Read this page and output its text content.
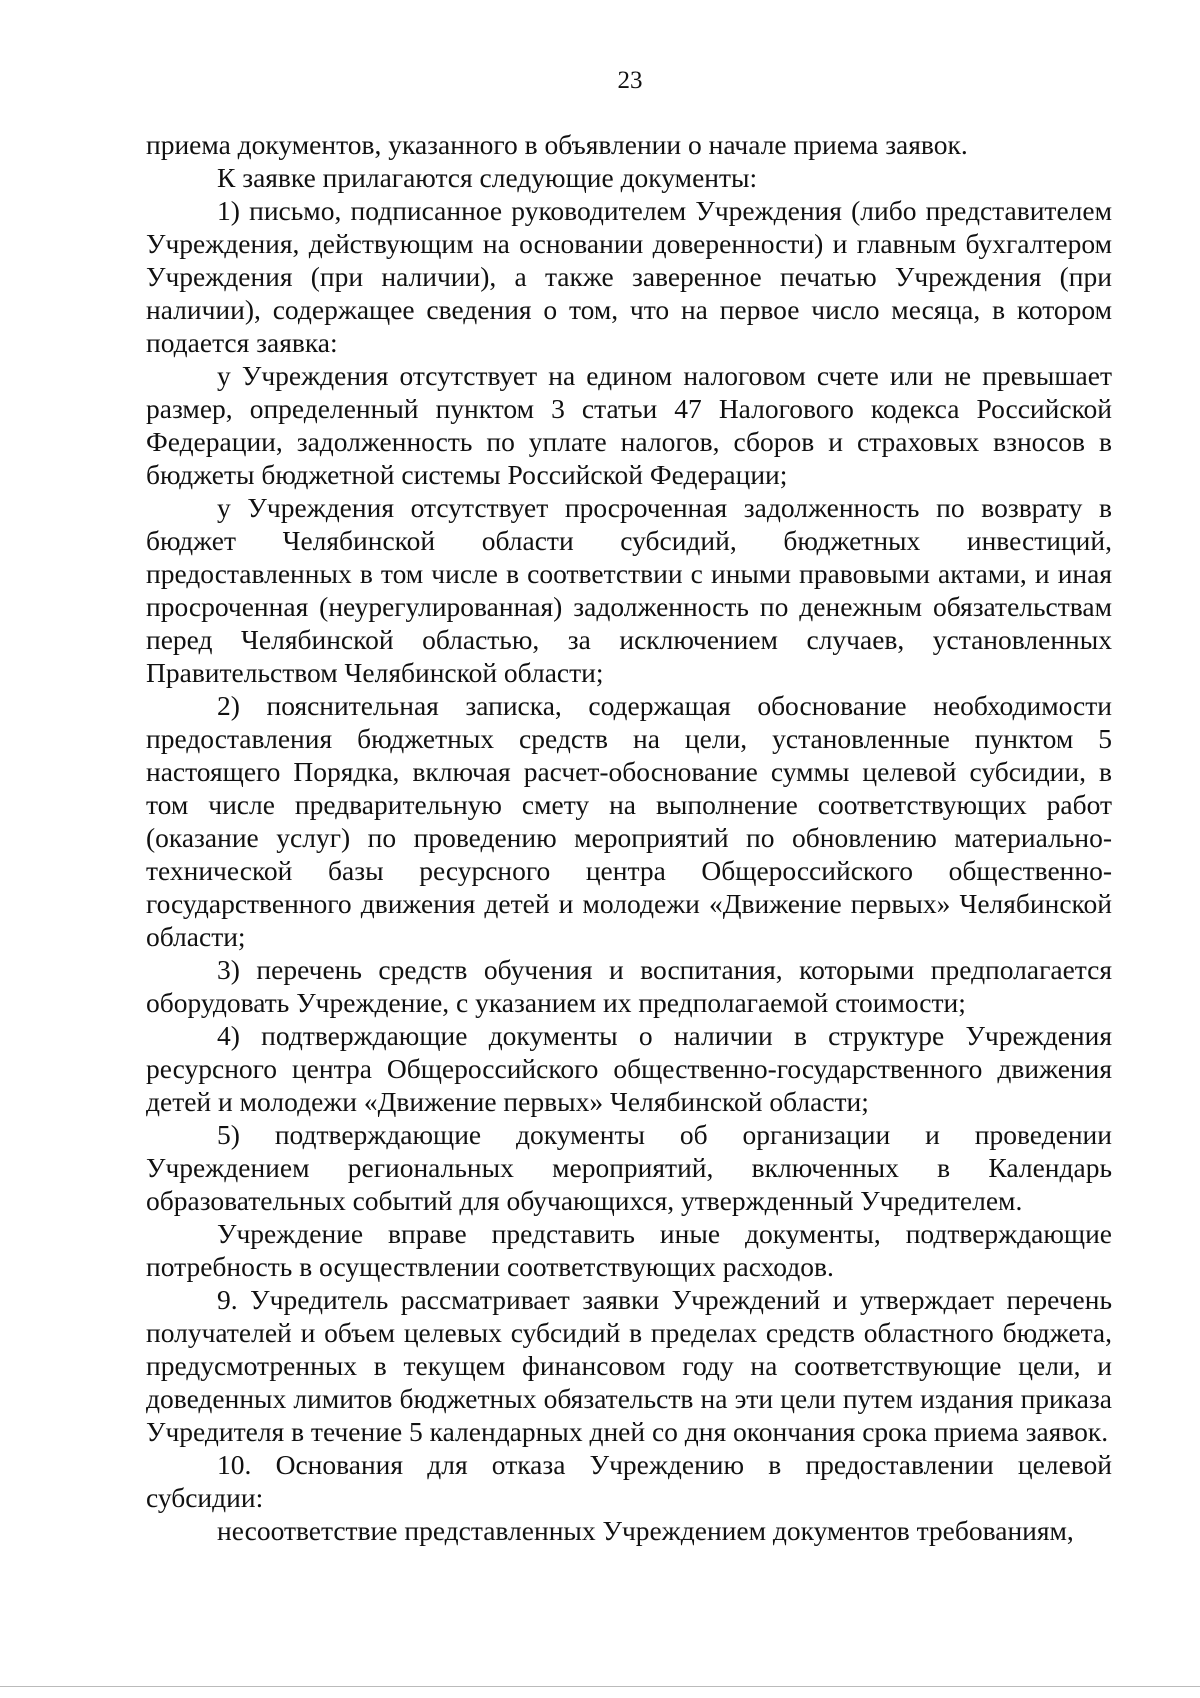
23

приема документов, указанного в объявлении о начале приема заявок.

К заявке прилагаются следующие документы:

1) письмо, подписанное руководителем Учреждения (либо представителем Учреждения, действующим на основании доверенности) и главным бухгалтером Учреждения (при наличии), а также заверенное печатью Учреждения (при наличии), содержащее сведения о том, что на первое число месяца, в котором подается заявка:

у Учреждения отсутствует на едином налоговом счете или не превышает размер, определенный пунктом 3 статьи 47 Налогового кодекса Российской Федерации, задолженность по уплате налогов, сборов и страховых взносов в бюджеты бюджетной системы Российской Федерации;

у Учреждения отсутствует просроченная задолженность по возврату в бюджет Челябинской области субсидий, бюджетных инвестиций, предоставленных в том числе в соответствии с иными правовыми актами, и иная просроченная (неурегулированная) задолженность по денежным обязательствам перед Челябинской областью, за исключением случаев, установленных Правительством Челябинской области;

2) пояснительная записка, содержащая обоснование необходимости предоставления бюджетных средств на цели, установленные пунктом 5 настоящего Порядка, включая расчет-обоснование суммы целевой субсидии, в том числе предварительную смету на выполнение соответствующих работ (оказание услуг) по проведению мероприятий по обновлению материально-технической базы ресурсного центра Общероссийского общественно-государственного движения детей и молодежи «Движение первых» Челябинской области;

3) перечень средств обучения и воспитания, которыми предполагается оборудовать Учреждение, с указанием их предполагаемой стоимости;

4) подтверждающие документы о наличии в структуре Учреждения ресурсного центра Общероссийского общественно-государственного движения детей и молодежи «Движение первых» Челябинской области;

5) подтверждающие документы об организации и проведении Учреждением региональных мероприятий, включенных в Календарь образовательных событий для обучающихся, утвержденный Учредителем.

Учреждение вправе представить иные документы, подтверждающие потребность в осуществлении соответствующих расходов.

9. Учредитель рассматривает заявки Учреждений и утверждает перечень получателей и объем целевых субсидий в пределах средств областного бюджета, предусмотренных в текущем финансовом году на соответствующие цели, и доведенных лимитов бюджетных обязательств на эти цели путем издания приказа Учредителя в течение 5 календарных дней со дня окончания срока приема заявок.

10. Основания для отказа Учреждению в предоставлении целевой субсидии:

несоответствие представленных Учреждением документов требованиям,
